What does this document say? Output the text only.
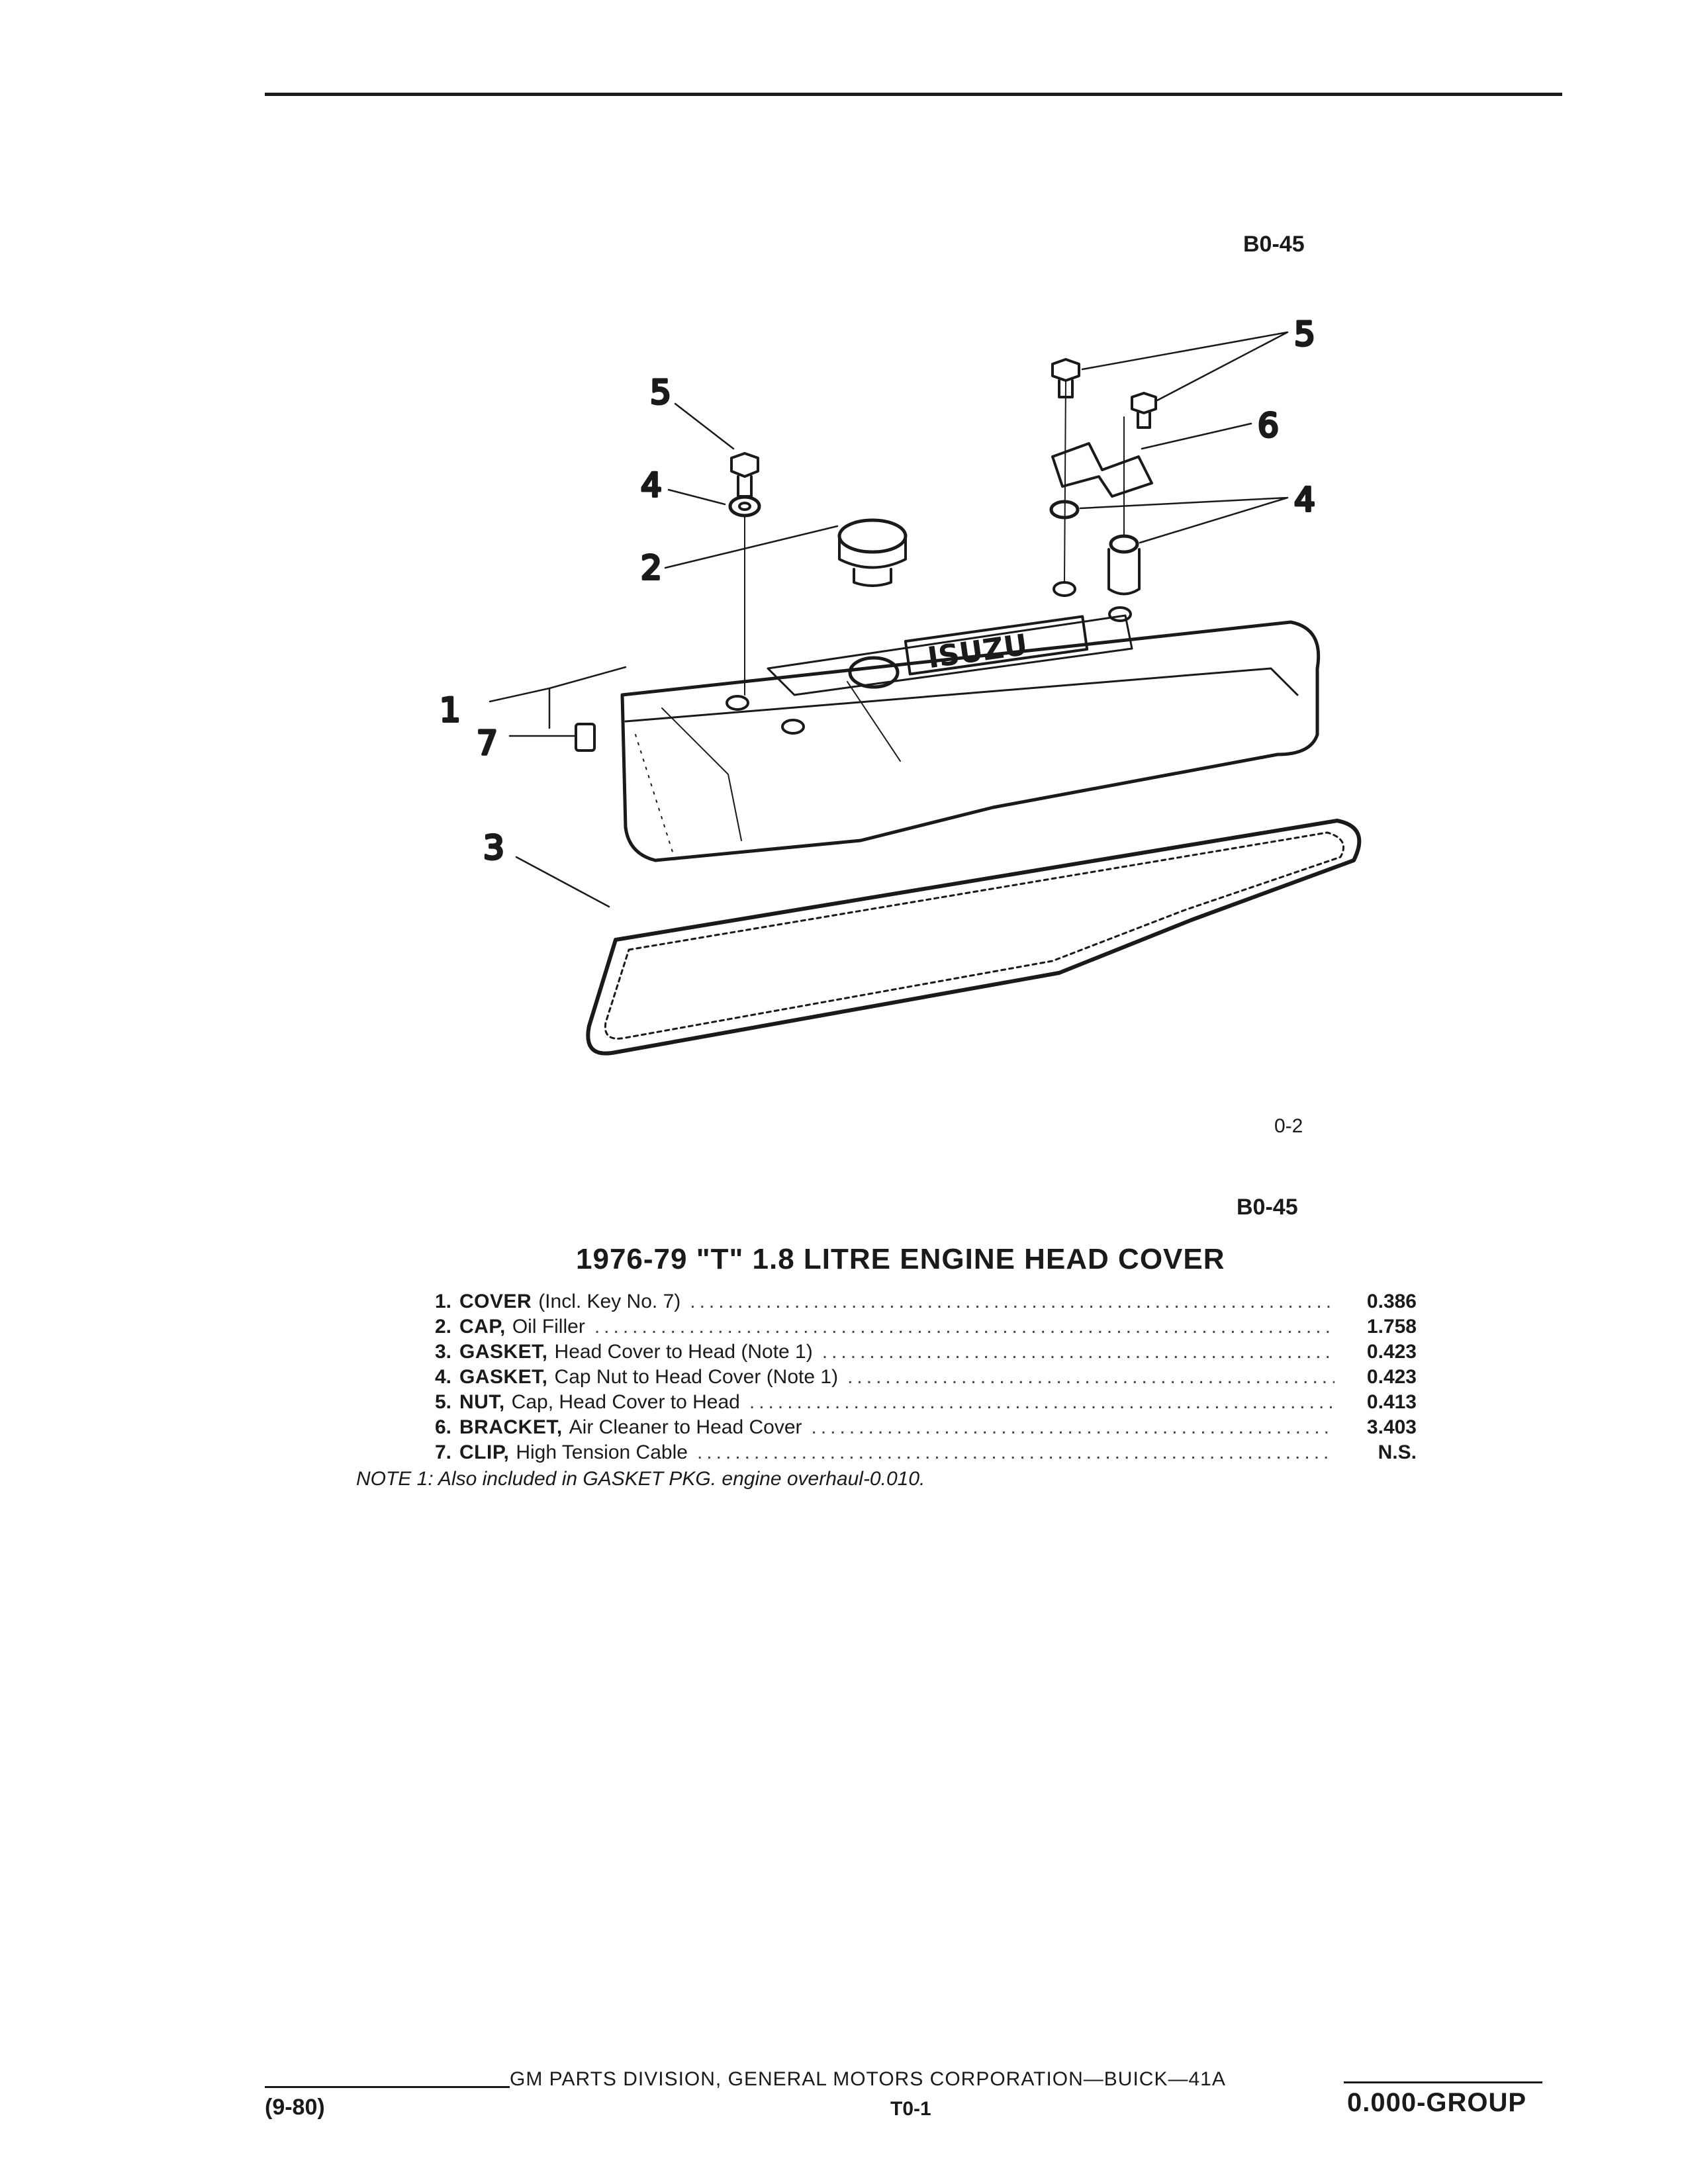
B0-45
ISUZU
5
4
2
1
7
3
5
6
4
0-2
B0-45
1976-79 "T" 1.8 LITRE ENGINE HEAD COVER
1. COVER (Incl. Key No. 7) .....	0.386
2. CAP, Oil Filler .....	1.758
3. GASKET, Head Cover to Head (Note 1) .....	0.423
4. GASKET, Cap Nut to Head Cover (Note 1) .....	0.423
5. NUT, Cap, Head Cover to Head .....	0.413
6. BRACKET, Air Cleaner to Head Cover .....	3.403
7. CLIP, High Tension Cable .....	N.S.
NOTE 1: Also included in GASKET PKG. engine overhaul-0.010.
GM PARTS DIVISION, GENERAL MOTORS CORPORATION—BUICK—41A
(9-80)	T0-1	0.000-GROUP
